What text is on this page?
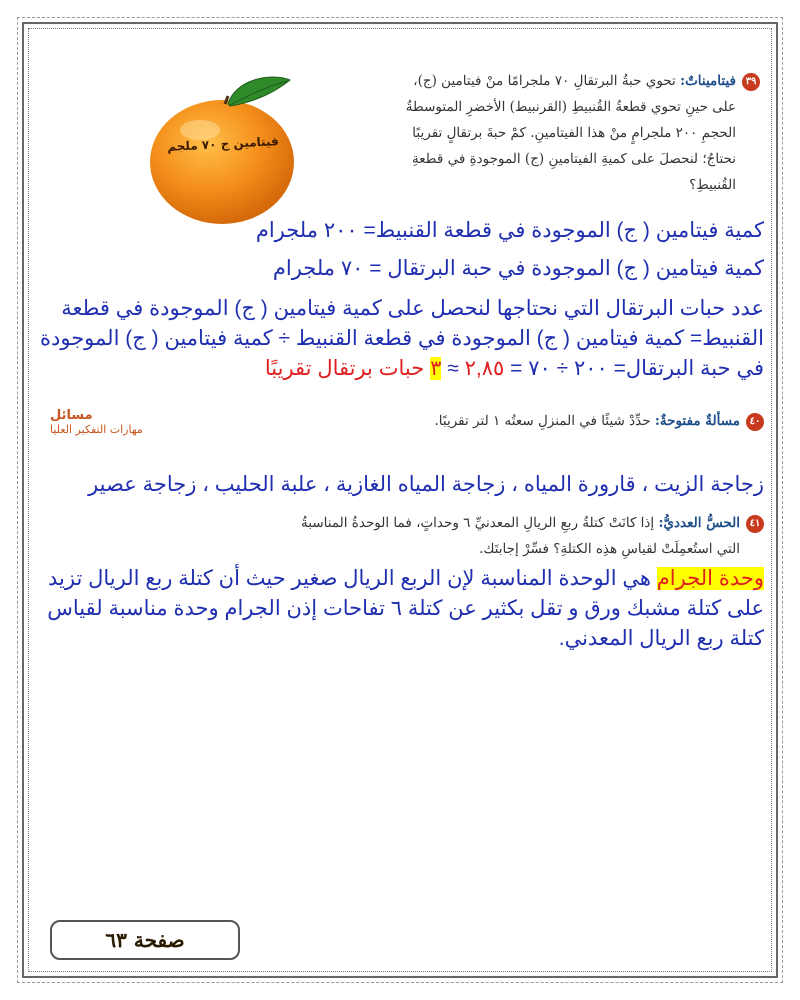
فيتامين ج ٧٠ ملجم
٣٩فيتاميناتٌ: تحوي حبةُ البرتقالِ ٧٠ ملجرامًا منْ فيتامين (ج)،
على حينِ تحوي قطعةُ القُنبيطِ (القرنبيط) الأخضرِ المتوسطةُ
الحجمِ ٢٠٠ ملجرامٍ منْ هذا الفيتامينِ. كمْ حبةَ برتقالٍ تقريبًا
نحتاجُ؛ لنحصلَ على كميةِ الفيتامينِ (ج) الموجودةِ في قطعةِ
القُنبيطِ؟
كمية فيتامين ( ج) الموجودة في قطعة القنبيط= ٢٠٠ ملجرام
كمية فيتامين ( ج) الموجودة في حبة البرتقال = ٧٠ ملجرام
عدد حبات البرتقال التي نحتاجها لنحصل على كمية فيتامين ( ج) الموجودة في قطعة القنبيط= كمية فيتامين ( ج) الموجودة في قطعة القنبيط ÷ كمية فيتامين ( ج) الموجودة في حبة البرتقال= ٢٠٠ ÷ ٧٠ = ٢,٨٥ ≈ ٣ حبات برتقال تقريبًا
٤٠مسألةٌ مفتوحةٌ: حدِّدْ شيئًا في المنزلِ سعتُه ١ لتر تقريبًا.
مسائل
مهارات التفكير العليا
زجاجة الزيت ، قارورة المياه ، زجاجة المياه الغازية ، علبة الحليب ، زجاجة عصير
٤١الحسُّ العدديُّ: إذا كانَتْ كتلةُ ربعِ الريالِ المعدنيِّ ٦ وحداتٍ، فما الوحدةُ المناسبةُ
التي استُعمِلَتْ لقياسِ هذِه الكتلةِ؟ فسِّرْ إجابتَك.
وحدة الجرام هي الوحدة المناسبة لإن الربع الريال صغير حيث أن كتلة ربع الريال تزيد على كتلة مشبك ورق و تقل بكثير عن كتلة ٦ تفاحات إذن الجرام وحدة مناسبة لقياس كتلة ربع الريال المعدني.
صفحة ٦٣
